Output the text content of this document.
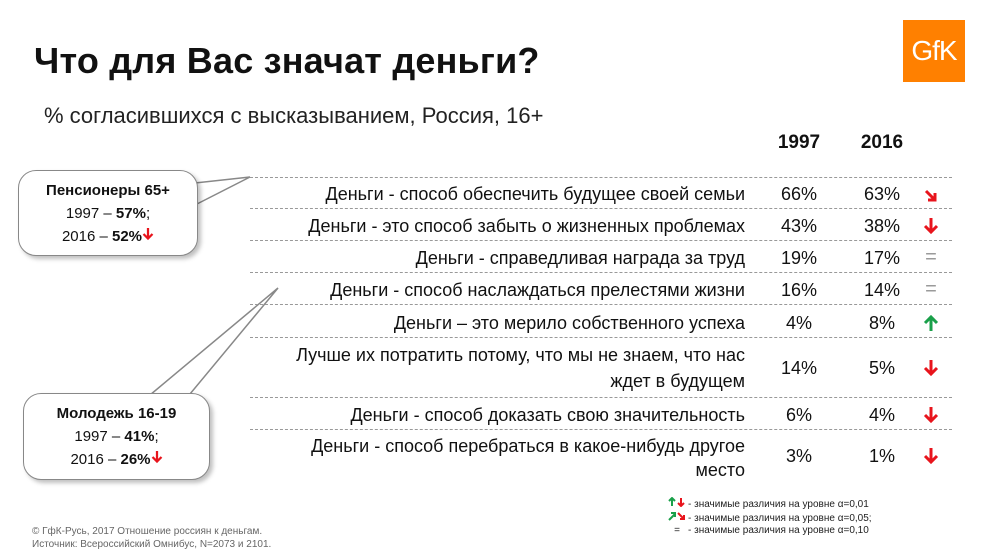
Что для Вас значат деньги?
% согласившихся с высказыванием, Россия, 16+
GfK
1997	2016
Деньги - способ обеспечить будущее своей семьи	66%	63%
Деньги - это способ забыть о жизненных проблемах	43%	38%
Деньги - справедливая награда за труд	19%	17%	=
Деньги - способ наслаждаться прелестями жизни	16%	14%	=
Деньги – это мерило собственного успеха	4%	8%
Лучше их потратить потому, что мы не знаем, что нас
ждет в будущем
14%	5%
Деньги - способ доказать свою значительность	6%	4%
Деньги - способ перебраться в какое-нибудь другое
место
3%	1%
Пенсионеры 65+
1997 – 57%;
2016 – 52%
Молодежь 16-19
1997 – 41%;
2016 – 26%
- значимые различия на уровне α=0,01
- значимые различия на уровне α=0,05;
= - значимые различия на уровне α=0,10
© ГфК-Русь, 2017 Отношение россиян к деньгам.
Источник: Всероссийский Омнибус, N=2073 и 2101.
